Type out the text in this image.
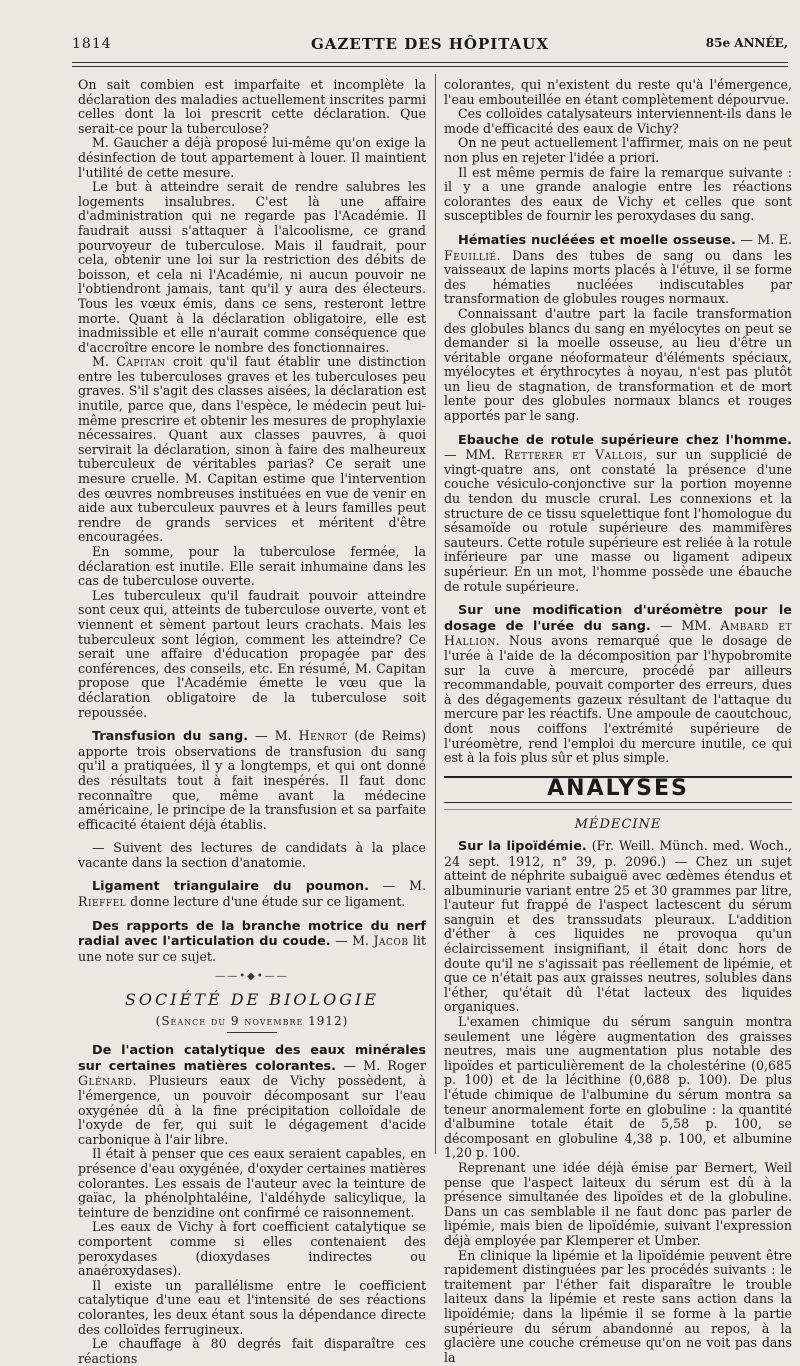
1814	GAZETTE DES HÔPITAUX	85e ANNÉE,

On sait combien est imparfaite et incomplète la déclaration des maladies actuellement inscrites parmi celles dont la loi prescrit cette déclaration. Que serait-ce pour la tuberculose?

M. Gaucher a déjà proposé lui-même qu'on exige la désinfection de tout appartement à louer. Il maintient l'utilité de cette mesure.

Le but à atteindre serait de rendre salubres les logements insalubres. C'est là une affaire d'administration qui ne regarde pas l'Académie. Il faudrait aussi s'attaquer à l'alcoolisme, ce grand pourvoyeur de tuberculose. Mais il faudrait, pour cela, obtenir une loi sur la restriction des débits de boisson, et cela ni l'Académie, ni aucun pouvoir ne l'obtiendront jamais, tant qu'il y aura des électeurs. Tous les vœux émis, dans ce sens, resteront lettre morte. Quant à la déclaration obligatoire, elle est inadmissible et elle n'aurait comme conséquence que d'accroître encore le nombre des fonctionnaires.

M. Capitan croit qu'il faut établir une distinction entre les tuberculoses graves et les tuberculoses peu graves. S'il s'agit des classes aisées, la déclaration est inutile, parce que, dans l'espèce, le médecin peut lui-même prescrire et obtenir les mesures de prophylaxie nécessaires. Quant aux classes pauvres, à quoi servirait la déclaration, sinon à faire des malheureux tuberculeux de véritables parias? Ce serait une mesure cruelle. M. Capitan estime que l'intervention des œuvres nombreuses instituées en vue de venir en aide aux tuberculeux pauvres et à leurs familles peut rendre de grands services et méritent d'être encouragées.

En somme, pour la tuberculose fermée, la déclaration est inutile. Elle serait inhumaine dans les cas de tuberculose ouverte.

Les tuberculeux qu'il faudrait pouvoir atteindre sont ceux qui, atteints de tuberculose ouverte, vont et viennent et sèment partout leurs crachats. Mais les tuberculeux sont légion, comment les atteindre? Ce serait une affaire d'éducation propagée par des conférences, des conseils, etc. En résumé, M. Capitan propose que l'Académie émette le vœu que la déclaration obligatoire de la tuberculose soit repoussée.

Transfusion du sang. — M. Henrot (de Reims) apporte trois observations de transfusion du sang qu'il a pratiquées, il y a longtemps, et qui ont donné des résultats tout à fait inespérés. Il faut donc reconnaître que, même avant la médecine américaine, le principe de la transfusion et sa parfaite efficacité étaient déjà établis.

— Suivent des lectures de candidats à la place vacante dans la section d'anatomie.

Ligament triangulaire du poumon. — M. Rieffel donne lecture d'une étude sur ce ligament.

Des rapports de la branche motrice du nerf radial avec l'articulation du coude. — M. Jacob lit une note sur ce sujet.

——•◆•——
SOCIÉTÉ DE BIOLOGIE
(Séance du 9 novembre 1912)

De l'action catalytique des eaux minérales sur certaines matières colorantes. — M. Roger Glénard. Plusieurs eaux de Vichy possèdent, à l'émergence, un pouvoir décomposant sur l'eau oxygénée dû à la fine précipitation colloïdale de l'oxyde de fer, qui suit le dégagement d'acide carbonique à l'air libre.

Il était à penser que ces eaux seraient capables, en présence d'eau oxygénée, d'oxyder certaines matières colorantes. Les essais de l'auteur avec la teinture de gaïac, la phénolphtaléine, l'aldéhyde salicylique, la teinture de benzidine ont confirmé ce raisonnement.

Les eaux de Vichy à fort coefficient catalytique se comportent comme si elles contenaient des peroxydases (dioxydases indirectes ou anaéroxydases).

Il existe un parallélisme entre le coefficient catalytique d'une eau et l'intensité de ses réactions colorantes, les deux étant sous la dépendance directe des colloïdes ferrugineux.

Le chauffage à 80 degrés fait disparaître ces réactions

colorantes, qui n'existent du reste qu'à l'émergence, l'eau embouteillée en étant complètement dépourvue.

Ces colloïdes catalysateurs interviennent-ils dans le mode d'efficacité des eaux de Vichy?

On ne peut actuellement l'affirmer, mais on ne peut non plus en rejeter l'idée a priori.

Il est même permis de faire la remarque suivante : il y a une grande analogie entre les réactions colorantes des eaux de Vichy et celles que sont susceptibles de fournir les peroxydases du sang.

Hématies nucléées et moelle osseuse. — M. E. Feuillié. Dans des tubes de sang ou dans les vaisseaux de lapins morts placés à l'étuve, il se forme des hématies nucléées indiscutables par transformation de globules rouges normaux.

Connaissant d'autre part la facile transformation des globules blancs du sang en myélocytes on peut se demander si la moelle osseuse, au lieu d'être un véritable organe néoformateur d'éléments spéciaux, myélocytes et érythrocytes à noyau, n'est pas plutôt un lieu de stagnation, de transformation et de mort lente pour des globules normaux blancs et rouges apportés par le sang.

Ebauche de rotule supérieure chez l'homme. — MM. Retterer et Vallois, sur un supplicié de vingt-quatre ans, ont constaté la présence d'une couche vésiculo-conjonctive sur la portion moyenne du tendon du muscle crural. Les connexions et la structure de ce tissu squelettique font l'homologue du sésamoïde ou rotule supérieure des mammifères sauteurs. Cette rotule supérieure est reliée à la rotule inférieure par une masse ou ligament adipeux supérieur. En un mot, l'homme possède une ébauche de rotule supérieure.

Sur une modification d'uréomètre pour le dosage de l'urée du sang. — MM. Ambard et Hallion. Nous avons remarqué que le dosage de l'urée à l'aide de la décomposition par l'hypobromite sur la cuve à mercure, procédé par ailleurs recommandable, pouvait comporter des erreurs, dues à des dégagements gazeux résultant de l'attaque du mercure par les réactifs. Une ampoule de caoutchouc, dont nous coiffons l'extrémité supérieure de l'uréomètre, rend l'emploi du mercure inutile, ce qui est à la fois plus sûr et plus simple.

ANALYSES
MÉDECINE

Sur la lipoïdémie. (Fr. Weill. Münch. med. Woch., 24 sept. 1912, n° 39, p. 2096.) — Chez un sujet atteint de néphrite subaiguë avec œdèmes étendus et albuminurie variant entre 25 et 30 grammes par litre, l'auteur fut frappé de l'aspect lactescent du sérum sanguin et des transsudats pleuraux. L'addition d'éther à ces liquides ne provoqua qu'un éclaircissement insignifiant, il était donc hors de doute qu'il ne s'agissait pas réellement de lipémie, et que ce n'était pas aux graisses neutres, solubles dans l'éther, qu'était dû l'état lacteux des liquides organiques.

L'examen chimique du sérum sanguin montra seulement une légère augmentation des graisses neutres, mais une augmentation plus notable des lipoïdes et particulièrement de la cholestérine (0,685 p. 100) et de la lécithine (0,688 p. 100). De plus l'étude chimique de l'albumine du sérum montra sa teneur anormalement forte en globuline : la quantité d'albumine totale était de 5,58 p. 100, se décomposant en globuline 4,38 p. 100, et albumine 1,20 p. 100.

Reprenant une idée déjà émise par Bernert, Weil pense que l'aspect laiteux du sérum est dû à la présence simultanée des lipoïdes et de la globuline. Dans un cas semblable il ne faut donc pas parler de lipémie, mais bien de lipoïdémie, suivant l'expression déjà employée par Klemperer et Umber.

En clinique la lipémie et la lipoïdémie peuvent être rapidement distinguées par les procédés suivants : le traitement par l'éther fait disparaître le trouble laiteux dans la lipémie et reste sans action dans la lipoïdémie; dans la lipémie il se forme à la partie supérieure du sérum abandonné au repos, à la glacière une couche crémeuse qu'on ne voit pas dans la
